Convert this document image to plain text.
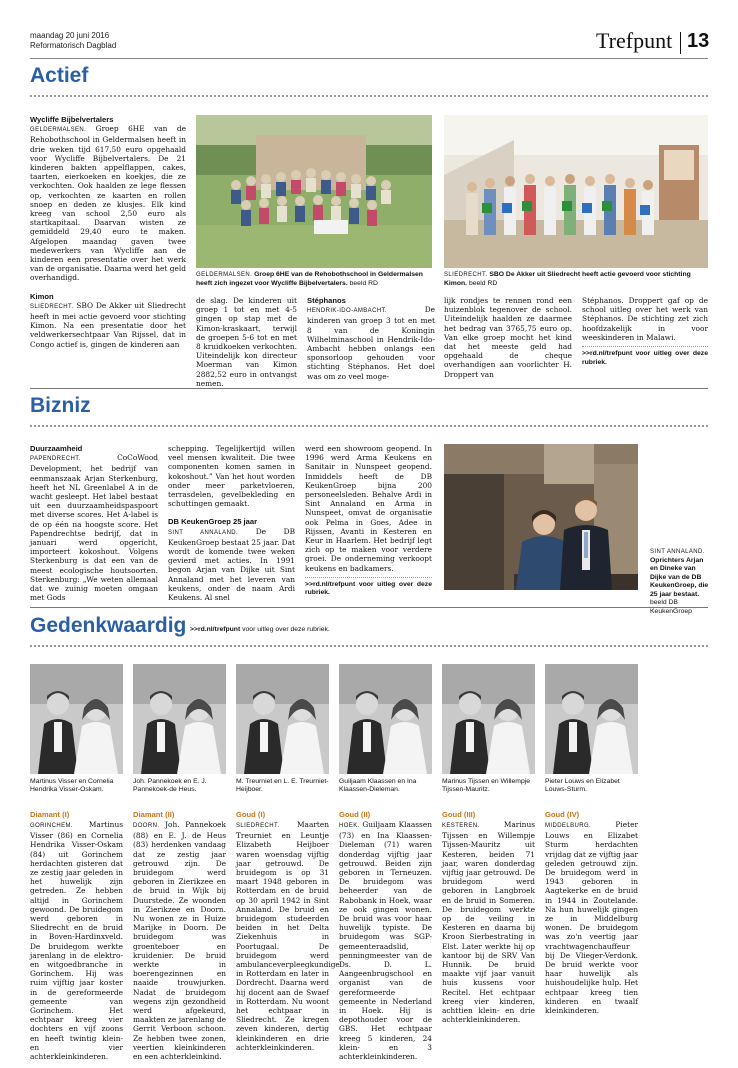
maandag 20 juni 2016
Reformatorisch Dagblad	Trefpunt 13
Actief
Wycliffe Bijbelvertalers

GELDERMALSEN. Groep 6HE van de Rehobothschool in Geldermalsen heeft in drie weken tijd 617,50 euro opgehaald voor Wycliffe Bijbelvertalers. De 21 kinderen bakten appelflappen, cakes, taarten, eierkoeken en koekjes, die ze verkochten. Ook haalden ze lege flessen op, verkochten ze kaarten en rollen snoep en deden ze klusjes. Elk kind kreeg van school 2,50 euro als startkapitaal. Daarvan wisten ze gemiddeld 29,40 euro te maken. Afgelopen maandag gaven twee medewerkers van Wycliffe aan de kinderen een presentatie over het werk van de organisatie. Daarna werd het geld overhandigd.

Kimon

SLIEDRECHT. SBO De Akker uit Sliedrecht heeft in mei actie gevoerd voor stichting Kimon. Na een presentatie door het veldwerkersechtpaar Van Rijssel, dat in Congo actief is, gingen de kinderen aan

GELDERMALSEN. Groep 6HE van de Rehobothschool in Geldermalsen heeft zich ingezet voor Wycliffe Bijbelvertalers. beeld RD
SLIEDRECHT. SBO De Akker uit Sliedrecht heeft actie gevoerd voor stichting Kimon. beeld RD

de slag. De kinderen uit groep 1 tot en met 4-5 gingen op stap met de Kimon-kraskaart, terwijl de groepen 5-6 tot en met 8 kruidkoeken verkochten. Uiteindelijk kon directeur Moerman van Kimon 2882,52 euro in ontvangst nemen.

Stéphanos

HENDRIK-IDO-AMBACHT.	De kinderen van groep 3 tot en met 8 van de Koningin Wilhelminaschool in Hendrik-Ido-Ambacht hebben onlangs een sponsorloop gehouden voor stichting Stéphanos. Het doel was om zo veel moge-

lijk rondjes te rennen rond een huizenblok tegenover de school. Uiteindelijk haalden ze daarmee het bedrag van 3765,75 euro op. Van elke groep mocht het kind dat het meeste geld had opgehaald de cheque overhandigen aan voorlichter H. Droppert van

Stéphanos. Droppert gaf op de school uitleg over het werk van Stéphanos. De stichting zet zich hoofdzakelijk in voor weeskinderen in Malawi.

>>rd.nl/trefpunt voor uitleg over deze rubriek.
Bizniz
Duurzaamheid

PAPENDRECHT.	CoCoWood Development, het bedrijf van eenmanszaak Arjan Sterkenburg, heeft het NL Greenlabel A in de wacht gesleept. Het label bestaat uit een duurzaamheidspaspoort met diverse scores. Het A-label is de op één na hoogste score. Het Papendrechtse bedrijf, dat in januari werd opgericht, importeert kokoshout. Volgens Sterkenburg is dat een van de meest ecologische houtsoorten. Sterkenburg: „We weten allemaal dat we zuinig moeten omgaan met Gods

schepping. Tegelijkertijd willen veel mensen kwaliteit. Die twee componenten komen samen in kokoshout.” Van het hout worden onder meer parketvloeren, terrasdelen, gevelbekleding en schuttingen gemaakt.

DB KeukenGroep 25 jaar

SINT ANNALAND. De DB KeukenGroep bestaat 25 jaar. Dat wordt de komende twee weken gevierd met acties. In 1991 begon Arjan van Dijke uit Sint Annaland met het leveren van keukens, onder de naam Ardi Keukens. Al snel

werd een showroom geopend. In 1996 werd Arma Keukens en Sanitair in Nunspeet geopend. Inmiddels heeft de DB KeukenGroep bijna 200 personeelsleden. Behalve Ardi in Sint Annaland en Arma in Nunspeet, omvat de organisatie ook Pelma in Goes, Adee in Rijssen, Avanti in Kesteren en Keur in Haarlem. Het bedrijf legt zich op te maken voor verdere groei. De onderneming verkoopt keukens en badkamers.

>>rd.nl/trefpunt voor uitleg over deze rubriek.
SINT ANNALAND. Oprichters Arjan en Dineke van Dijke van de DB KeukenGroep, die 25 jaar bestaat. beeld DB KeukenGroep
Gedenkwaardig >>rd.nl/trefpunt voor uitleg over deze rubriek.
Martinus Visser en Cornelia Hendrika Visser-Oskam.
Diamant (I)

GORINCHEM. Martinus Visser (86) en Cornelia Hendrika Visser-Oskam (84) uit Gorinchem herdachten gisteren dat ze zestig jaar geleden in het huwelijk zijn getreden. Ze hebben altijd in Gorinchem gewoond. De bruidegom werd geboren in Sliedrecht en de bruid in Boven-Hardinxveld. De bruidegom werkte jarenlang in de elektro- en witgoedbranche in Gorinchem. Hij was ruim vijftig jaar koster in de gereformeerde gemeente van Gorinchem. Het echtpaar kreeg vier dochters en vijf zoons en heeft twintig klein- en vier achterkleinkinderen.

Joh. Pannekoek en E. J. Pannekoek-de Heus.
Diamant (II)

DOORN. Joh. Pannekoek (88) en E. J. de Heus (83) herdenken vandaag dat ze zestig jaar getrouwd zijn. De bruidegom werd geboren in Zierikzee en de bruid in Wijk bij Duurstede. Ze woonden in Zierikzee en Doorn. Nu wonen ze in Huize Marijke in Doorn. De bruidegom was groenteboer en kruidenier. De bruid werkte in boerengezinnen en naaide trouwjurken. Nadat de bruidegom wegens zijn gezondheid werd afgekeurd, maakten ze jarenlang de Gerrit Verboon schoon. Ze hebben twee zonen, veertien kleinkinderen en een achterkleinkind.

M. Treurniet en L. E. Treurniet-Heijboer.
Goud (I)

SLIEDRECHT. Maarten Treurniet en Leuntje Elizabeth Heijboer waren woensdag vijftig jaar getrouwd. De bruidegom is op 31 maart 1948 geboren in Rotterdam en de bruid op 30 april 1942 in Sint Annaland. De bruid en bruidegom studeerden beiden in het Delta Ziekenhuis in Poortugaal. De bruidegom werd ambulanceverpleegkundige in Rotterdam en later in Dordrecht. Daarna werd hij docent aan de Swaef in Rotterdam. Nu woont het echtpaar in Sliedrecht. Ze kregen zeven kinderen, dertig kleinkinderen en drie achterkleinkinderen.

Guiljaam Klaassen en Ina Klaassen-Dieleman.
Goud (II)

HOEK. Guiljaam Klaassen (73) en Ina Klaassen-Dieleman (71) waren donderdag vijftig jaar getrouwd. Beiden zijn geboren in Terneuzen. De bruidegom was beheerder van de Rabobank in Hoek, waar ze ook gingen wonen. De bruid was voor haar huwelijk typiste. De bruidegom was SGP-gemeenteraadslid, penningmeester van de Ds. D. L. Aangeenbrugschool en organist van de gereformeerde gemeente in Nederland in Hoek. Hij is depothouder voor de GBS. Het echtpaar kreeg 5 kinderen, 24 klein- en 3 achterkleinkinderen.

Marinus Tijssen en Willempje Tijssen-Mauritz.
Goud (III)

KESTEREN.	Marinus Tijssen en Willempje Tijssen-Mauritz uit Kesteren, beiden 71 jaar, waren donderdag vijftig jaar getrouwd. De bruidegom werd geboren in Langbroek en de bruid in Someren. De bruidegom werkte op de veiling in Kesteren en daarna bij Kroon Sierbestrating in Elst. Later werkte hij op kantoor bij de SRV Van Hunnik. De bruid maakte vijf jaar vanuit huis kussens voor Recitel. Het echtpaar kreeg vier kinderen, achttien klein- en drie achterkleinkinderen.

Pieter Louws en Elizabet Louws-Sturm.
Goud (IV)

MIDDELBURG.	Pieter Louws en Elizabet Sturm herdachten vrijdag dat ze vijftig jaar geleden getrouwd zijn. De bruidegom werd in 1943 geboren in Aagtekerke en de bruid in 1944 in Zoutelande. Na hun huwelijk gingen ze in Middelburg wonen. De bruidegom was zo'n veertig jaar vrachtwagenchauffeur bij De Vlieger-Verdonk. De bruid werkte voor haar huwelijk als huishoudelijke hulp. Het echtpaar kreeg tien kinderen en twaalf kleinkinderen.
